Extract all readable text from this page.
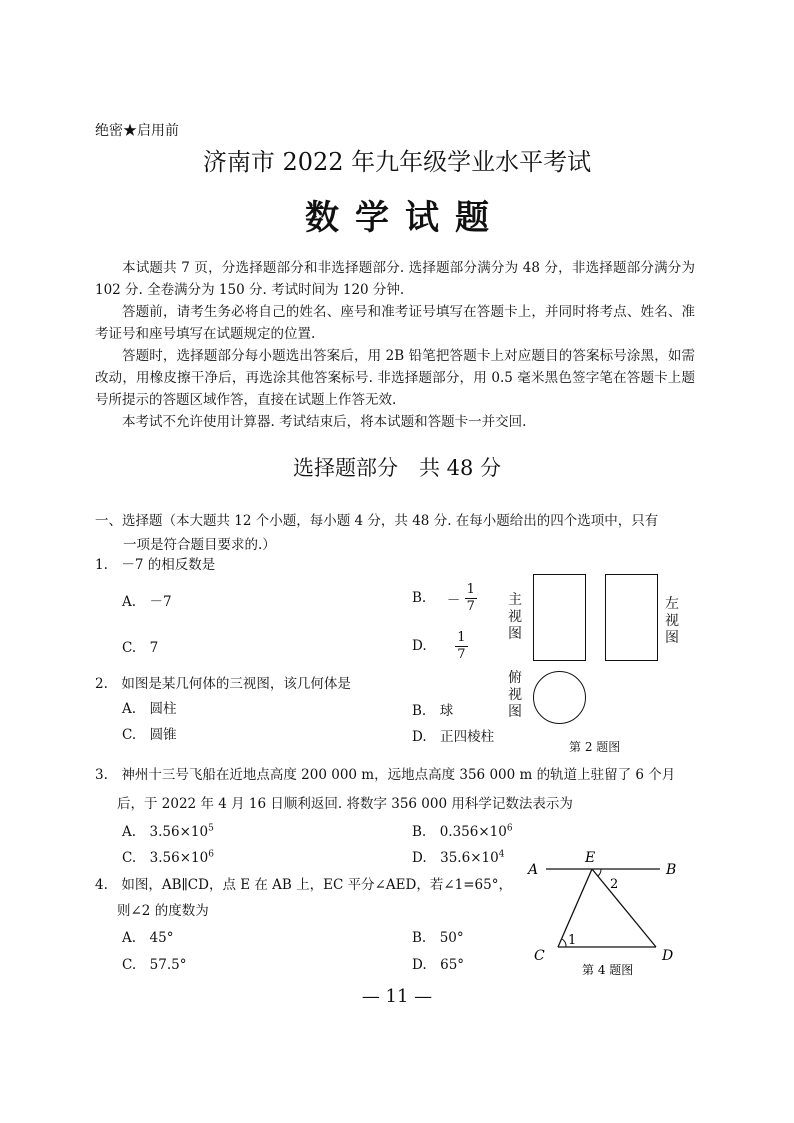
绝密★启用前
济南市 2022 年九年级学业水平考试
数学试题

本试题共 7 页，分选择题部分和非选择题部分. 选择题部分满分为 48 分，非选择题部分满分为 102 分. 全卷满分为 150 分. 考试时间为 120 分钟.

答题前，请考生务必将自己的姓名、座号和准考证号填写在答题卡上，并同时将考点、姓名、准考证号和座号填写在试题规定的位置.

答题时，选择题部分每小题选出答案后，用 2B 铅笔把答题卡上对应题目的答案标号涂黑，如需改动，用橡皮擦干净后，再选涂其他答案标号. 非选择题部分，用 0.5 毫米黑色签字笔在答题卡上题号所提示的答题区域作答，直接在试题上作答无效.

本考试不允许使用计算器. 考试结束后，将本试题和答题卡一并交回.

选择题部分　共 48 分
一、选择题（本大题共 12 个小题，每小题 4 分，共 48 分. 在每小题给出的四个选项中，只有
一项是符合题目要求的.）
1.　－7 的相反数是
A.　－7	B. － $\frac{1}{7}$
C.　7	D. $\frac{1}{7}$
2.　如图是某几何体的三视图，该几何体是
A.　圆柱	B.　球
C.　圆锥	D.　正四棱柱
主视图
左视图
俯视图
第 2 题图
3.　神州十三号飞船在近地点高度 200 000 m，远地点高度 356 000 m 的轨道上驻留了 6 个月
后，于 2022 年 4 月 16 日顺利返回. 将数字 356 000 用科学记数法表示为
A.　$3.56\times 10^5$	B.　$0.356\times 10^6$
C.　$3.56\times 10^6$	D.　$35.6\times 10^4$
4.　如图，AB∥CD，点 E 在 AB 上，EC 平分∠AED，若∠1=65°，
则∠2 的度数为
A.　45°	B.　50°
C.　57.5°	D.　65°
A	B
E
C	D
1
2
第 4 题图
— 11 —
